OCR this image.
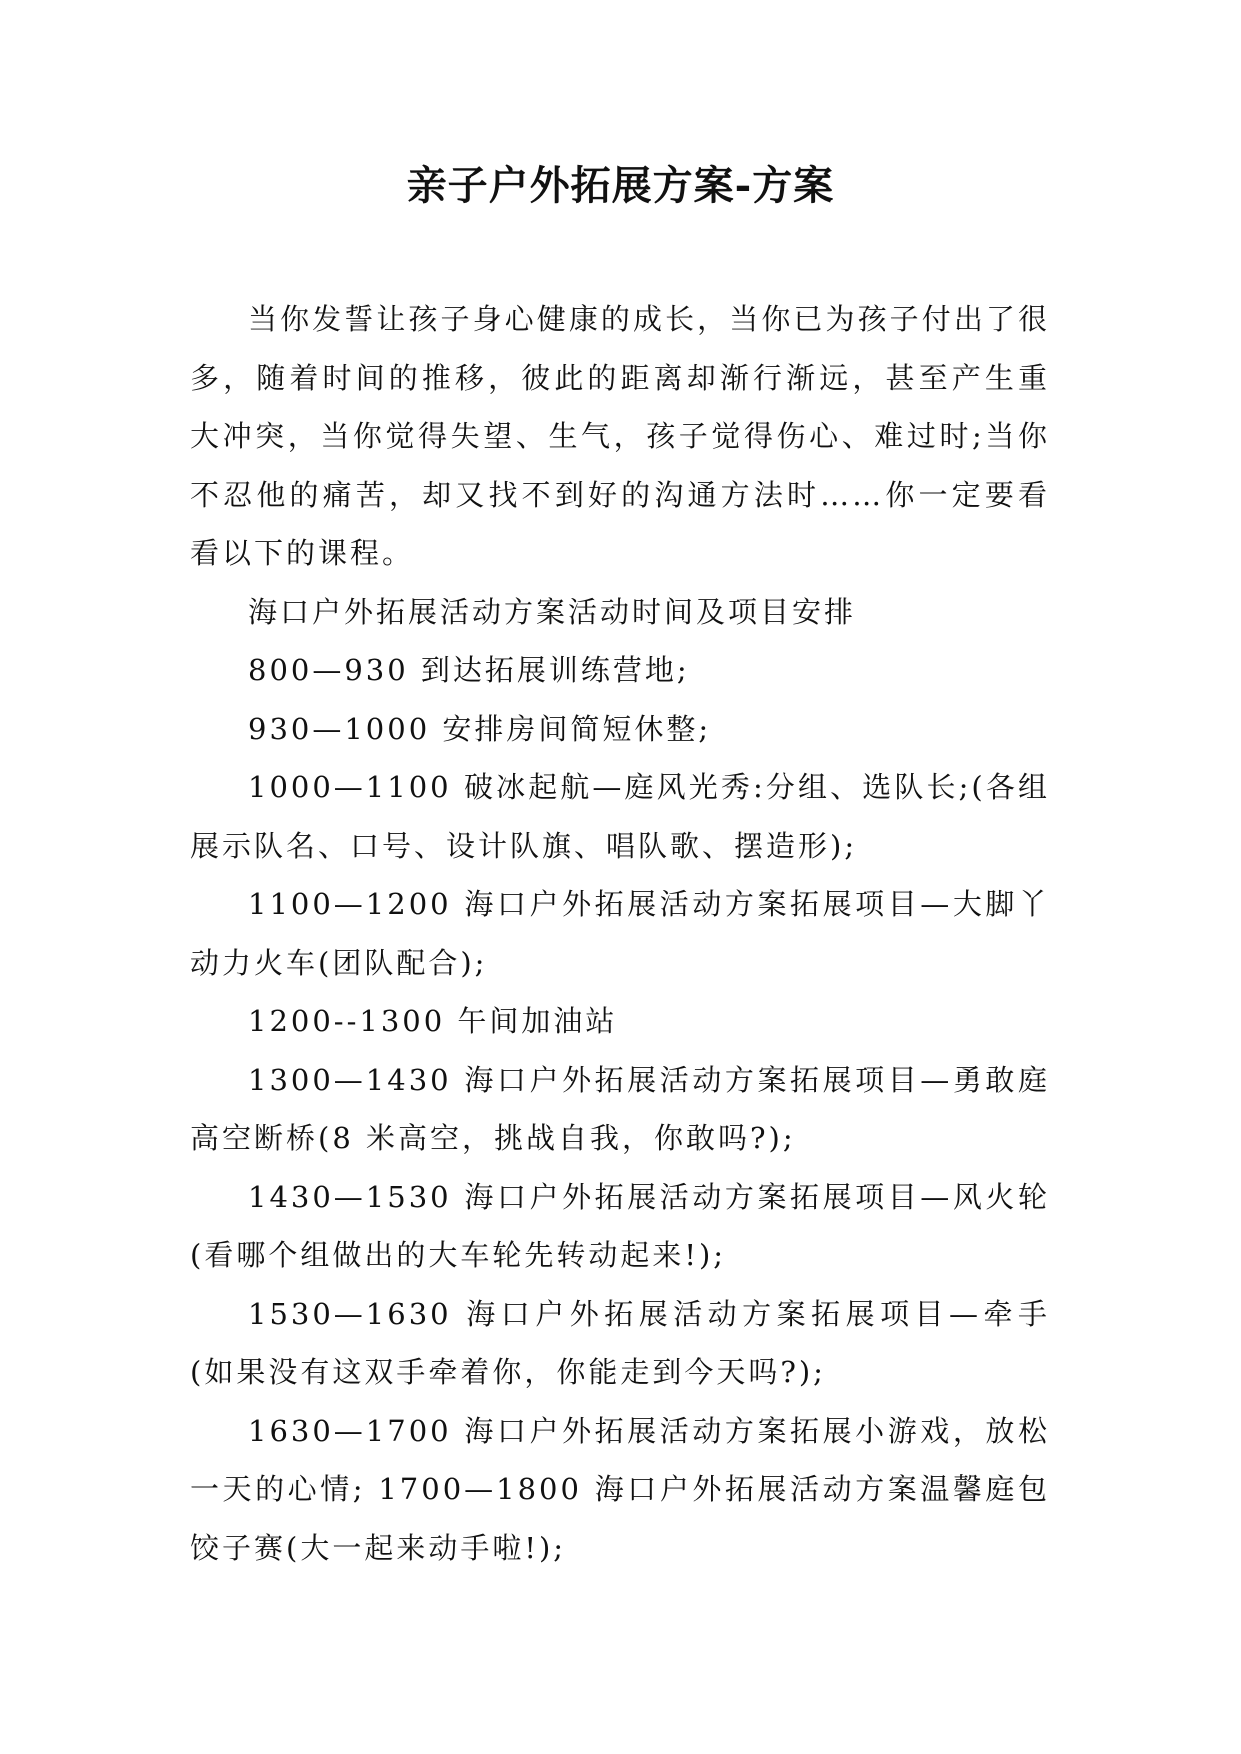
亲子户外拓展方案-方案

当你发誓让孩子身心健康的成长，当你已为孩子付出了很多，随着时间的推移，彼此的距离却渐行渐远，甚至产生重大冲突，当你觉得失望、生气，孩子觉得伤心、难过时;当你不忍他的痛苦，却又找不到好的沟通方法时……你一定要看看以下的课程。

海口户外拓展活动方案活动时间及项目安排

800—930 到达拓展训练营地;

930—1000 安排房间简短休整;

1000—1100 破冰起航—庭风光秀:分组、选队长;(各组展示队名、口号、设计队旗、唱队歌、摆造形);

1100—1200 海口户外拓展活动方案拓展项目—大脚丫动力火车(团队配合);

1200--1300 午间加油站

1300—1430 海口户外拓展活动方案拓展项目—勇敢庭高空断桥(8 米高空，挑战自我，你敢吗?);

1430—1530 海口户外拓展活动方案拓展项目—风火轮(看哪个组做出的大车轮先转动起来!);

1530—1630 海口户外拓展活动方案拓展项目—牵手(如果没有这双手牵着你，你能走到今天吗?);

1630—1700 海口户外拓展活动方案拓展小游戏，放松一天的心情; 1700—1800 海口户外拓展活动方案温馨庭包饺子赛(大一起来动手啦!);
